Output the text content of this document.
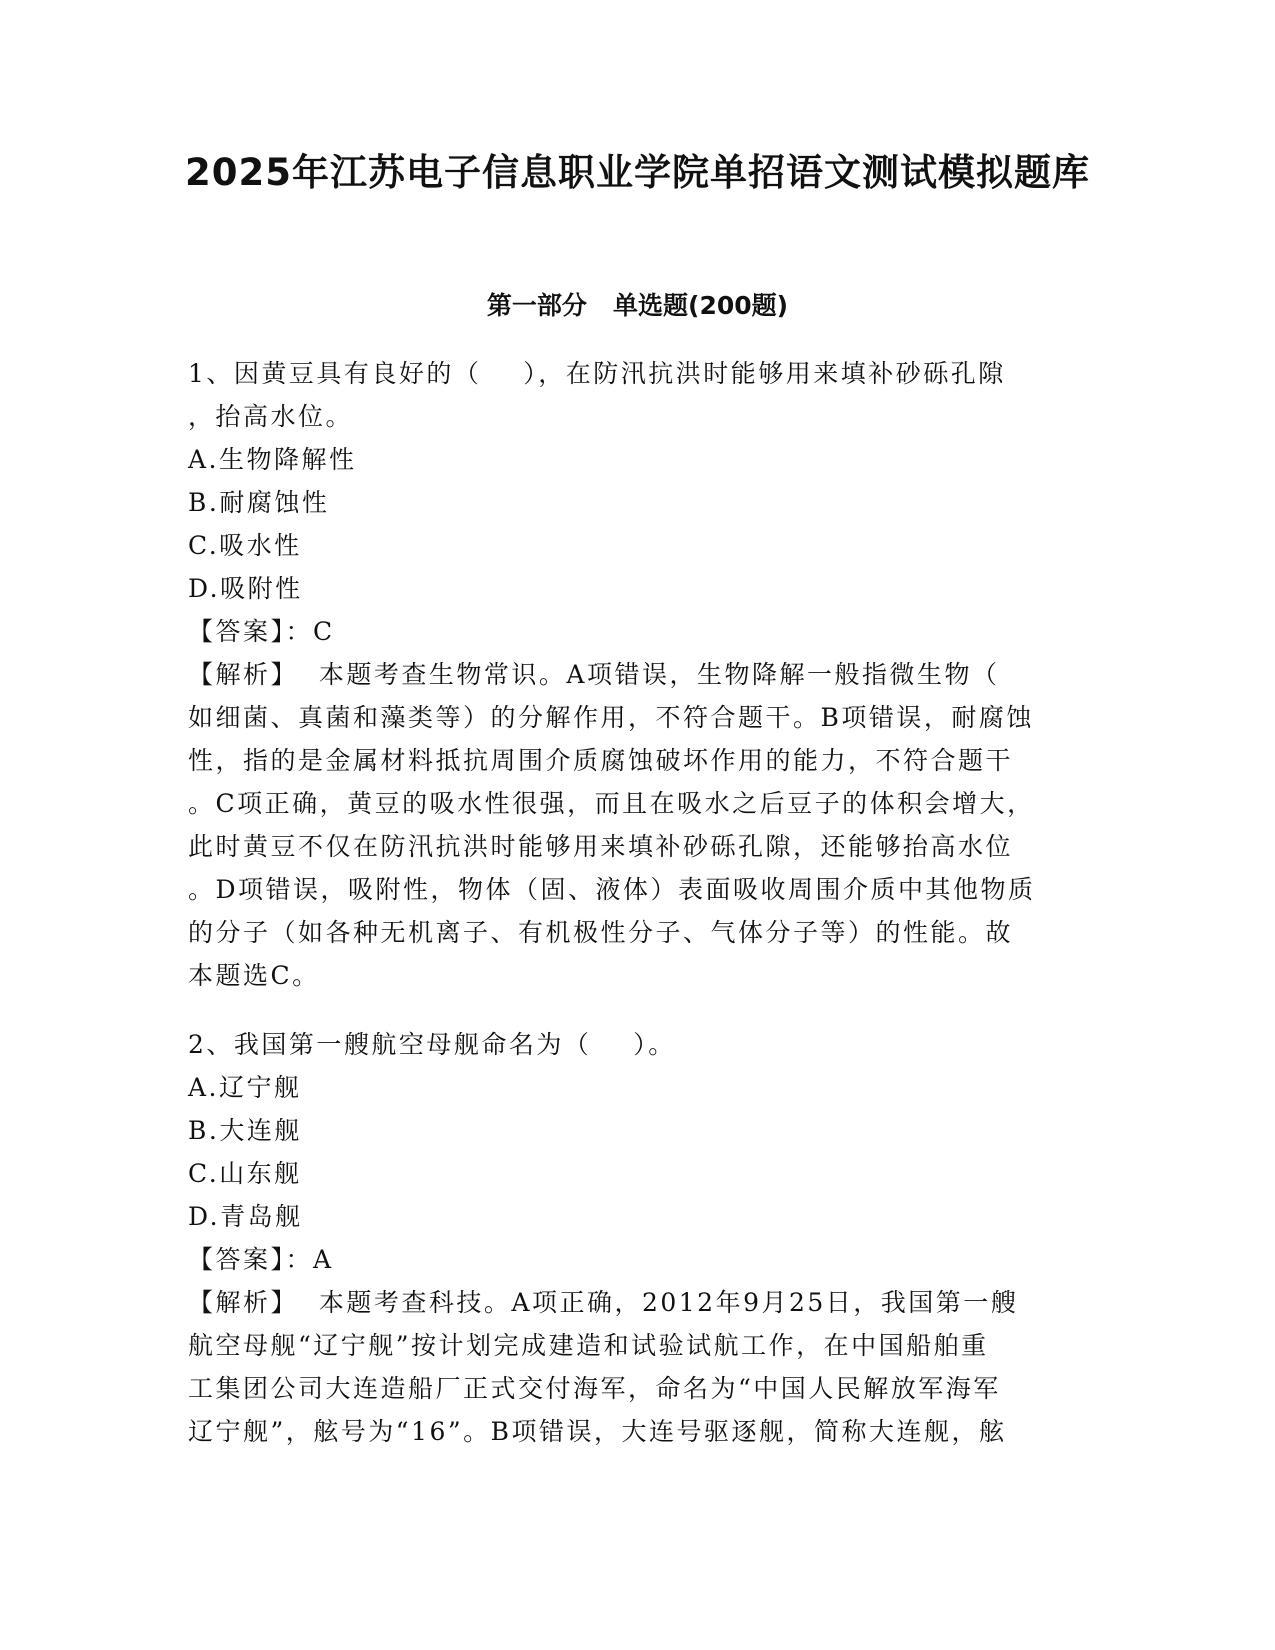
2025年江苏电子信息职业学院单招语文测试模拟题库
第一部分   单选题(200题)
1、因黄豆具有良好的（    ），在防汛抗洪时能够用来填补砂砾孔隙
，抬高水位。
A.生物降解性
B.耐腐蚀性
C.吸水性
D.吸附性
【答案】：C
【解析】  本题考查生物常识。A项错误，生物降解一般指微生物（
如细菌、真菌和藻类等）的分解作用，不符合题干。B项错误，耐腐蚀
性，指的是金属材料抵抗周围介质腐蚀破坏作用的能力，不符合题干
。C项正确，黄豆的吸水性很强，而且在吸水之后豆子的体积会增大，
此时黄豆不仅在防汛抗洪时能够用来填补砂砾孔隙，还能够抬高水位
。D项错误，吸附性，物体（固、液体）表面吸收周围介质中其他物质
的分子（如各种无机离子、有机极性分子、气体分子等）的性能。故
本题选C。
2、我国第一艘航空母舰命名为（    ）。
A.辽宁舰
B.大连舰
C.山东舰
D.青岛舰
【答案】：A
【解析】  本题考查科技。A项正确，2012年9月25日，我国第一艘
航空母舰“辽宁舰”按计划完成建造和试验试航工作，在中国船舶重
工集团公司大连造船厂正式交付海军，命名为“中国人民解放军海军
辽宁舰”，舷号为“16”。B项错误，大连号驱逐舰，简称大连舰，舷
